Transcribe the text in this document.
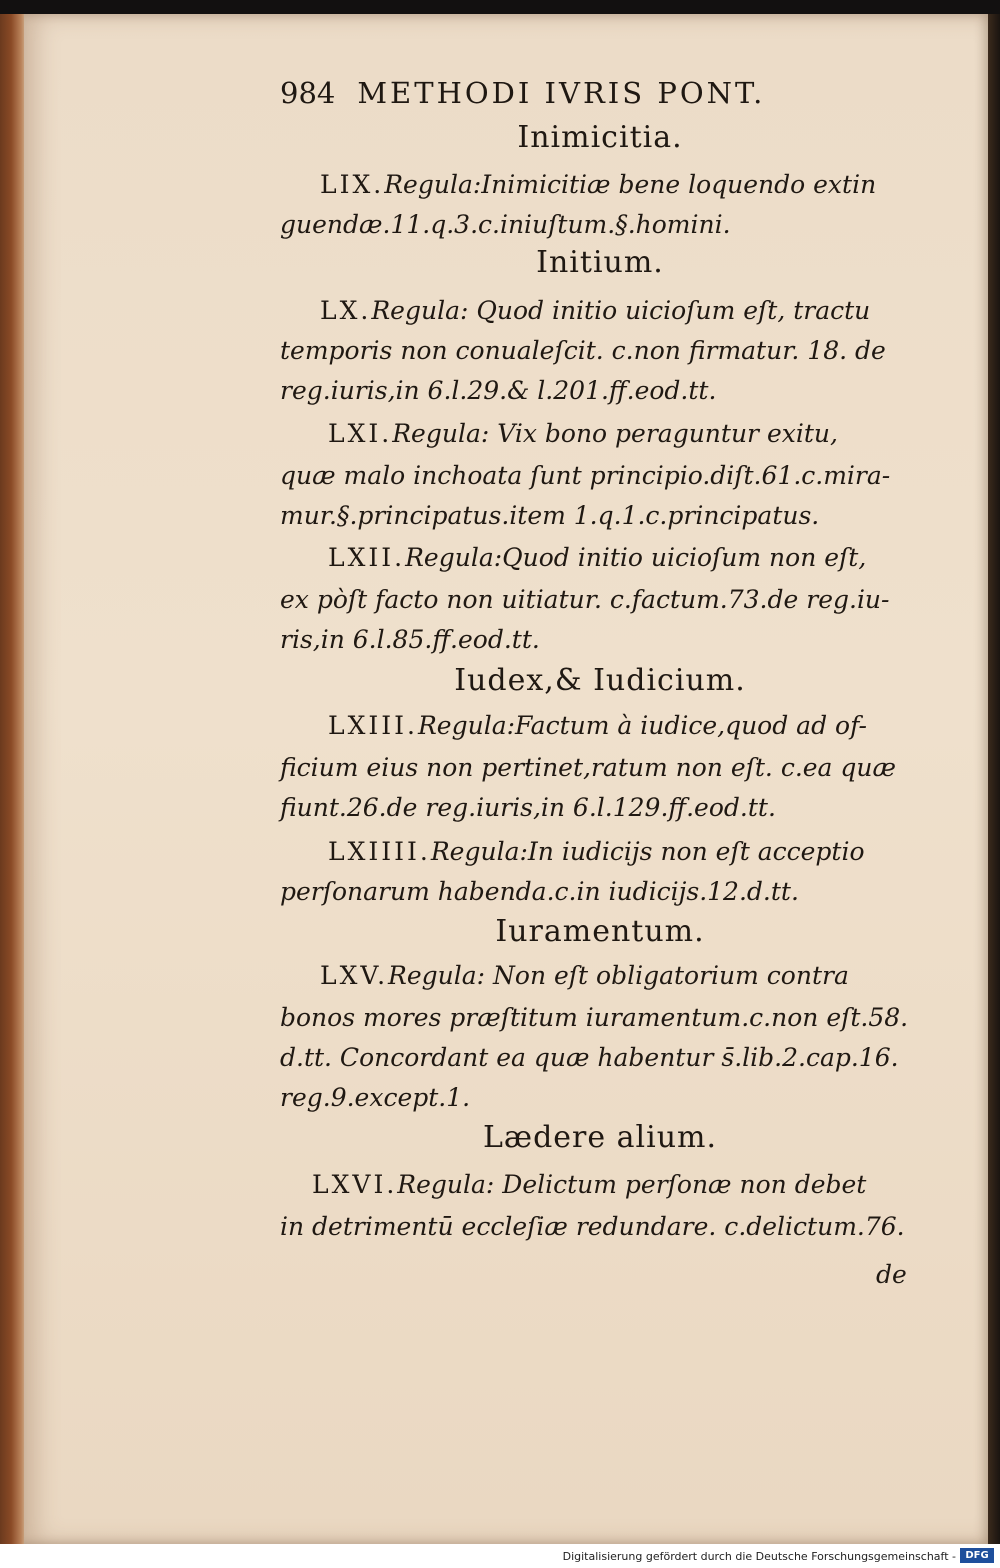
984 METHODI IVRIS PONT.
Inimicitia.
LIX.Regula:Inimicitiæ bene loquendo extin
guendæ.11.q.3.c.iniuſtum.§.homini.
Initium.
LX.Regula: Quod initio uicioſum eſt, tractu
temporis non conualeſcit. c.non firmatur. 18. de
reg.iuris,in 6.l.29.& l.201.ff.eod.tt.
LXI.Regula: Vix bono peraguntur exitu,
quæ malo inchoata ſunt principio.diſt.61.c.mira-
mur.§.principatus.item 1.q.1.c.principatus.
LXII.Regula:Quod initio uicioſum non eſt,
ex pòſt facto non uitiatur. c.factum.73.de reg.iu-
ris,in 6.l.85.ff.eod.tt.
Iudex,& Iudicium.
LXIII.Regula:Factum à iudice,quod ad of-
ficium eius non pertinet,ratum non eſt. c.ea quæ
fiunt.26.de reg.iuris,in 6.l.129.ff.eod.tt.
LXIIII.Regula:In iudicijs non eſt acceptio
perſonarum habenda.c.in iudicijs.12.d.tt.
Iuramentum.
LXV.Regula: Non eſt obligatorium contra
bonos mores præſtitum iuramentum.c.non eſt.58.
d.tt. Concordant ea quæ habentur s̄.lib.2.cap.16.
reg.9.except.1.
Lædere alium.
LXVI.Regula: Delictum perſonæ non debet
in detrimentū eccleſiæ redundare. c.delictum.76.
de
Digitalisierung gefördert durch die Deutsche Forschungsgemeinschaft - DFG
